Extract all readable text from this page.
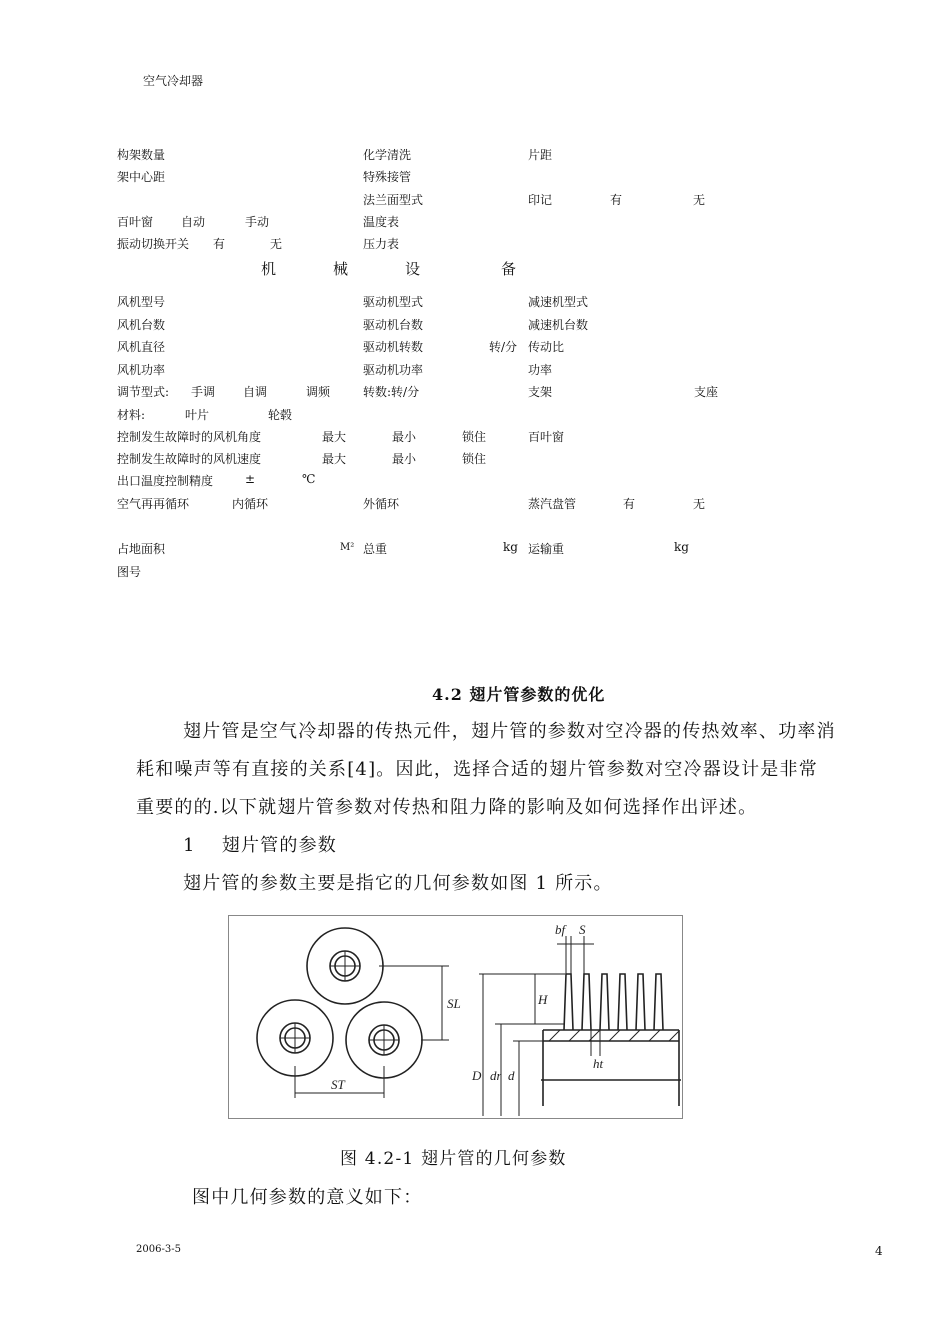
空气冷却器
构架数量	化学清洗	片距
架中心距	特殊接管
法兰面型式	印记	有	无
百叶窗 自动	手动	温度表
振动切换开关 有	无	压力表
机	械	设	备
风机型号	驱动机型式	减速机型式
风机台数	驱动机台数	减速机台数
风机直径	驱动机转数	转/分 传动比
风机功率	驱动机功率	功率
调节型式: 手调 自调	调频	转数:转/分	支架	支座
材料:	叶片	轮毂
控制发生故障时的风机角度	最大	最小	锁住	百叶窗
控制发生故障时的风机速度	最大	最小	锁住
出口温度控制精度	±	℃
空气再再循环	内循环	外循环	蒸汽盘管	有	无
占地面积	M² 总重	kg 运输重	kg
图号
4.2 翅片管参数的优化
翅片管是空气冷却器的传热元件，翅片管的参数对空冷器的传热效率、功率消
耗和噪声等有直接的关系[4]。因此，选择合适的翅片管参数对空冷器设计是非常
重要的的.以下就翅片管参数对传热和阻力降的影响及如何选择作出评述。
1　 翅片管的参数
翅片管的参数主要是指它的几何参数如图 1 所示。
SL
ST
bf S
H
ht
D dr d
图 4.2-1 翅片管的几何参数
图中几何参数的意义如下：
2006-3-5	4
